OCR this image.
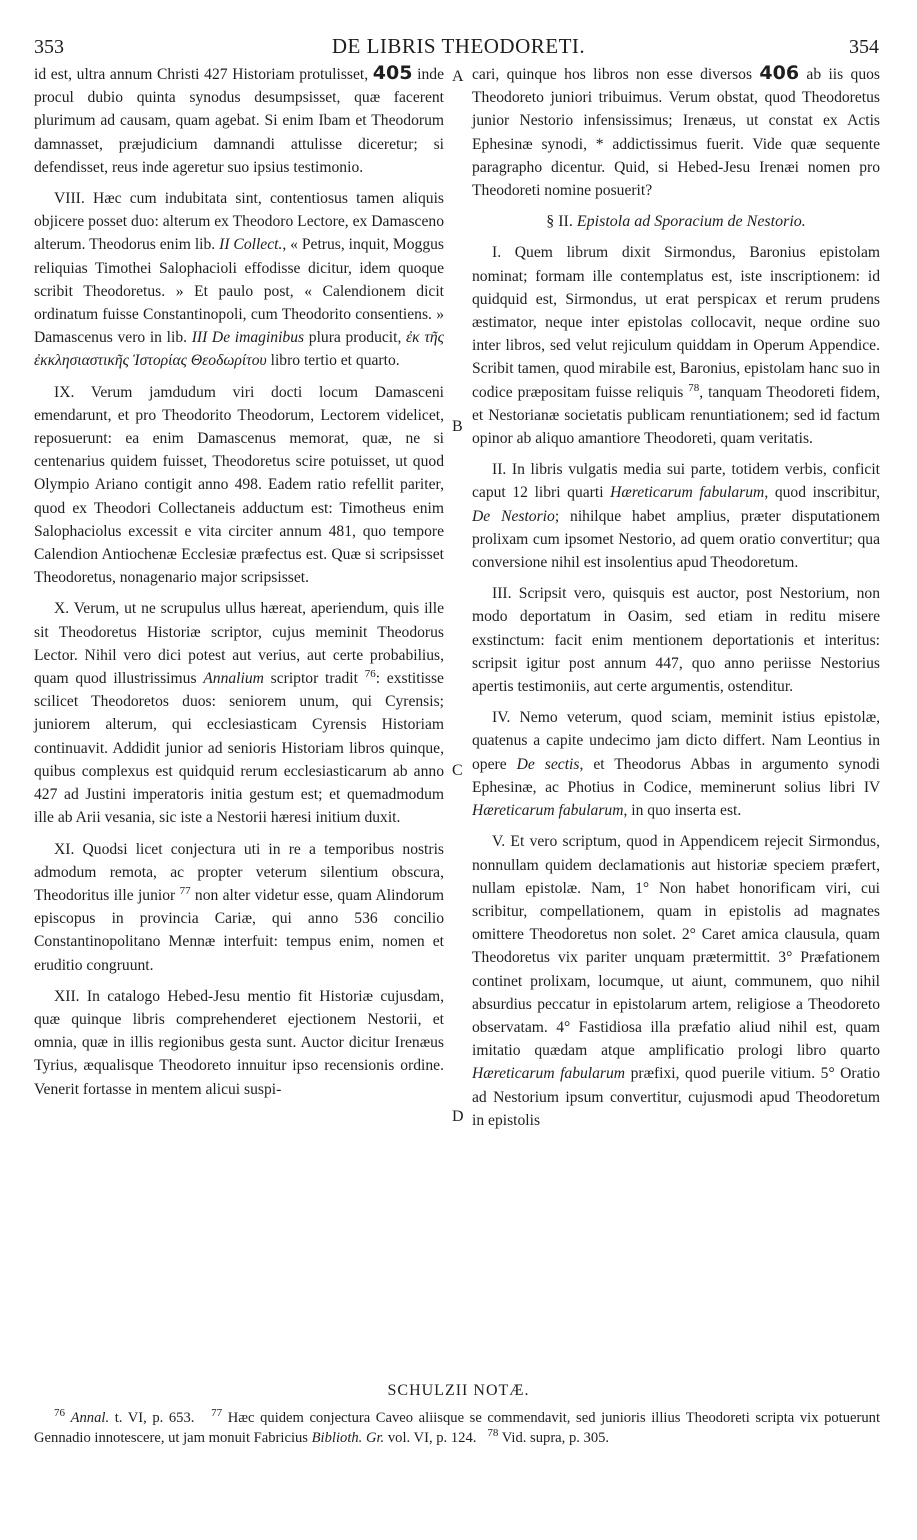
353	DE LIBRIS THEODORETI.	354

id est, ultra annum Christi 427 Historiam protulisset, 405 inde procul dubio quinta synodus desumpsisset, quæ facerent plurimum ad causam, quam agebat. Si enim Ibam et Theodorum damnasset, præjudicium damnandi attulisse diceretur; si defendisset, reus inde ageretur suo ipsius testimonio.

VIII. Hæc cum indubitata sint, contentiosus tamen aliquis objicere posset duo: alterum ex Theodoro Lectore, ex Damasceno alterum. Theodorus enim lib. II Collect., « Petrus, inquit, Moggus reliquias Timothei Salophacioli effodisse dicitur, idem quoque scribit Theodoretus. » Et paulo post, « Calendionem dicit ordinatum fuisse Constantinopoli, cum Theodorito consentiens. » Damascenus vero in lib. III De imaginibus plura producit, ἐκ τῆς ἐκκλησιαστικῆς Ἱστορίας Θεοδωρίτου libro tertio et quarto.

IX. Verum jamdudum viri docti locum Damasceni emendarunt, et pro Theodorito Theodorum, Lectorem videlicet, reposuerunt: ea enim Damascenus memorat, quæ, ne si centenarius quidem fuisset, Theodoretus scire potuisset, ut quod Olympio Ariano contigit anno 498. Eadem ratio refellit pariter, quod ex Theodori Collectaneis adductum est: Timotheus enim Salophaciolus excessit e vita circiter annum 481, quo tempore Calendion Antiochenæ Ecclesiæ præfectus est. Quæ si scripsisset Theodoretus, nonagenario major scripsisset.

X. Verum, ut ne scrupulus ullus hæreat, aperiendum, quis ille sit Theodoretus Historiæ scriptor, cujus meminit Theodorus Lector. Nihil vero dici potest aut verius, aut certe probabilius, quam quod illustrissimus Annalium scriptor tradit $^{76}$: exstitisse scilicet Theodoretos duos: seniorem unum, qui Cyrensis; juniorem alterum, qui ecclesiasticam Cyrensis Historiam continuavit. Addidit junior ad senioris Historiam libros quinque, quibus complexus est quidquid rerum ecclesiasticarum ab anno 427 ad Justini imperatoris initia gestum est; et quemadmodum ille ab Arii vesania, sic iste a Nestorii hæresi initium duxit.

XI. Quodsi licet conjectura uti in re a temporibus nostris admodum remota, ac propter veterum silentium obscura, Theodoritus ille junior $^{77}$ non alter videtur esse, quam Alindorum episcopus in provincia Cariæ, qui anno 536 concilio Constantinopolitano Mennæ interfuit: tempus enim, nomen et eruditio congruunt.

XII. In catalogo Hebed-Jesu mentio fit Historiæ cujusdam, quæ quinque libris comprehenderet ejectionem Nestorii, et omnia, quæ in illis regionibus gesta sunt. Auctor dicitur Irenæus Tyrius, æqualisque Theodoreto innuitur ipso recensionis ordine. Venerit fortasse in mentem alicui suspi-

A
B
C
D

cari, quinque hos libros non esse diversos 406 ab iis quos Theodoreto juniori tribuimus. Verum obstat, quod Theodoretus junior Nestorio infensissimus; Irenæus, ut constat ex Actis Ephesinæ synodi, * addictissimus fuerit. Vide quæ sequente paragrapho dicentur. Quid, si Hebed-Jesu Irenæi nomen pro Theodoreti nomine posuerit?

§ II. Epistola ad Sporacium de Nestorio.

I. Quem librum dixit Sirmondus, Baronius epistolam nominat; formam ille contemplatus est, iste inscriptionem: id quidquid est, Sirmondus, ut erat perspicax et rerum prudens æstimator, neque inter epistolas collocavit, neque ordine suo inter libros, sed velut rejiculum quiddam in Operum Appendice. Scribit tamen, quod mirabile est, Baronius, epistolam hanc suo in codice præpositam fuisse reliquis $^{78}$, tanquam Theodoreti fidem, et Nestorianæ societatis publicam renuntiationem; sed id factum opinor ab aliquo amantiore Theodoreti, quam veritatis.

II. In libris vulgatis media sui parte, totidem verbis, conficit caput 12 libri quarti Hæreticarum fabularum, quod inscribitur, De Nestorio; nihilque habet amplius, præter disputationem prolixam cum ipsomet Nestorio, ad quem oratio convertitur; qua conversione nihil est insolentius apud Theodoretum.

III. Scripsit vero, quisquis est auctor, post Nestorium, non modo deportatum in Oasim, sed etiam in reditu misere exstinctum: facit enim mentionem deportationis et interitus: scripsit igitur post annum 447, quo anno periisse Nestorius apertis testimoniis, aut certe argumentis, ostenditur.

IV. Nemo veterum, quod sciam, meminit istius epistolæ, quatenus a capite undecimo jam dicto differt. Nam Leontius in opere De sectis, et Theodorus Abbas in argumento synodi Ephesinæ, ac Photius in Codice, meminerunt solius libri IV Hæreticarum fabularum, in quo inserta est.

V. Et vero scriptum, quod in Appendicem rejecit Sirmondus, nonnullam quidem declamationis aut historiæ speciem præfert, nullam epistolæ. Nam, 1° Non habet honorificam viri, cui scribitur, compellationem, quam in epistolis ad magnates omittere Theodoretus non solet. 2° Caret amica clausula, quam Theodoretus vix pariter unquam prætermittit. 3° Præfationem continet prolixam, locumque, ut aiunt, communem, quo nihil absurdius peccatur in epistolarum artem, religiose a Theodoreto observatam. 4° Fastidiosa illa præfatio aliud nihil est, quam imitatio quædam atque amplificatio prologi libro quarto Hæreticarum fabularum præfixi, quod puerile vitium. 5° Oratio ad Nestorium ipsum convertitur, cujusmodi apud Theodoretum in epistolis

SCHULZII NOTÆ.
$^{76}$ Annal. t. VI, p. 653. $^{77}$ Hæc quidem conjectura Caveo aliisque se commendavit, sed junioris illius Theodoreti scripta vix potuerunt Gennadio innotescere, ut jam monuit Fabricius Biblioth. Gr. vol. VI, p. 124. $^{78}$ Vid. supra, p. 305.
